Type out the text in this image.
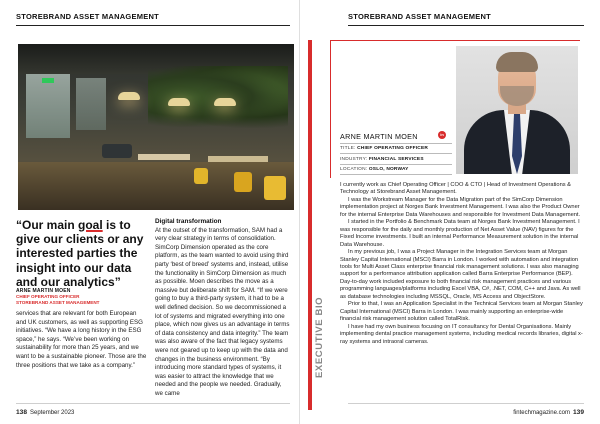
STOREBRAND ASSET MANAGEMENT
“Our main goal is to give our clients or any interested parties the insight into our data and our analytics”
ARNE MARTIN MOEN
CHIEF OPERATING OFFICER
STOREBRAND ASSET MANAGEMENT
services that are relevant for both European and UK customers, as well as supporting ESG initiatives. “We have a long history in the ESG space,” he says. “We’ve been working on sustainability for more than 25 years, and we want to be a sustainable pioneer. Those are the three positions that we take as a company.”
Digital transformation

At the outset of the transformation, SAM had a very clear strategy in terms of consolidation. SimCorp Dimension operated as the core platform, as the team wanted to avoid using third party ‘best of breed’ systems and, instead, utilise the functionality in SimCorp Dimension as much as possible. Moen describes the move as a massive but deliberate shift for SAM. “If we were going to buy a third-party system, it had to be a well defined decision. So we decommissioned a lot of systems and migrated everything into one place, which now gives us an advantage in terms of data consistency and data integrity.” The team was also aware of the fact that legacy systems were not geared up to keep up with the data and changes in the business environment. “By introducing more standard types of systems, it was easier to attract the knowledge that we needed and the people we needed. Gradually, we came

138 September 2023
STOREBRAND ASSET MANAGEMENT
ARNE MARTIN MOEN
TITLE: CHIEF OPERATING OFFICER
INDUSTRY: FINANCIAL SERVICES
LOCATION: OSLO, NORWAY
in
EXECUTIVE BIO

I currently work as Chief Operating Officer | COO & CTO | Head of Investment Operations & Technology at Storebrand Asset Management.

I was the Workstream Manager for the Data Migration part of the SimCorp Dimension implementation project at Norges Bank Investment Management. I was also the Product Owner for the internal Enterprise Data Warehouses and responsible for Investment Data Management.

I started in the Portfolio & Benchmark Data team at Norges Bank Investment Management. I was responsible for the daily and monthly production of Net Asset Value (NAV) figures for the Fixed Income investments. I built an internal Performance Measurement solution in the internal Data Warehouse.

In my previous job, I was a Project Manager in the Integration Services team at Morgan Stanley Capital International (MSCI) Barra in London. I worked with automation and integration tools for Multi Asset Class enterprise financial risk management solutions. I was also managing support for a performance attribution application called Barra Enterprise Performance (BEP). Day-to-day work included exposure to both financial risk management practices and various programming languages/platforms including Excel VBA, C#, .NET, COM, C++ and Java. As well as database technologies including MSSQL, Oracle, MS Access and ObjectStore.

Prior to that, I was an Application Specialist in the Technical Services team at Morgan Stanley Capital International (MSCI) Barra in London. I was mainly supporting an enterprise-wide financial risk management solution called TotalRisk.

I have had my own business focusing on IT consultancy for Dental Organisations. Mainly implementing dental practice management systems, including medical records libraries, digital x-ray systems and intraoral cameras.

fintechmagazine.com 139
